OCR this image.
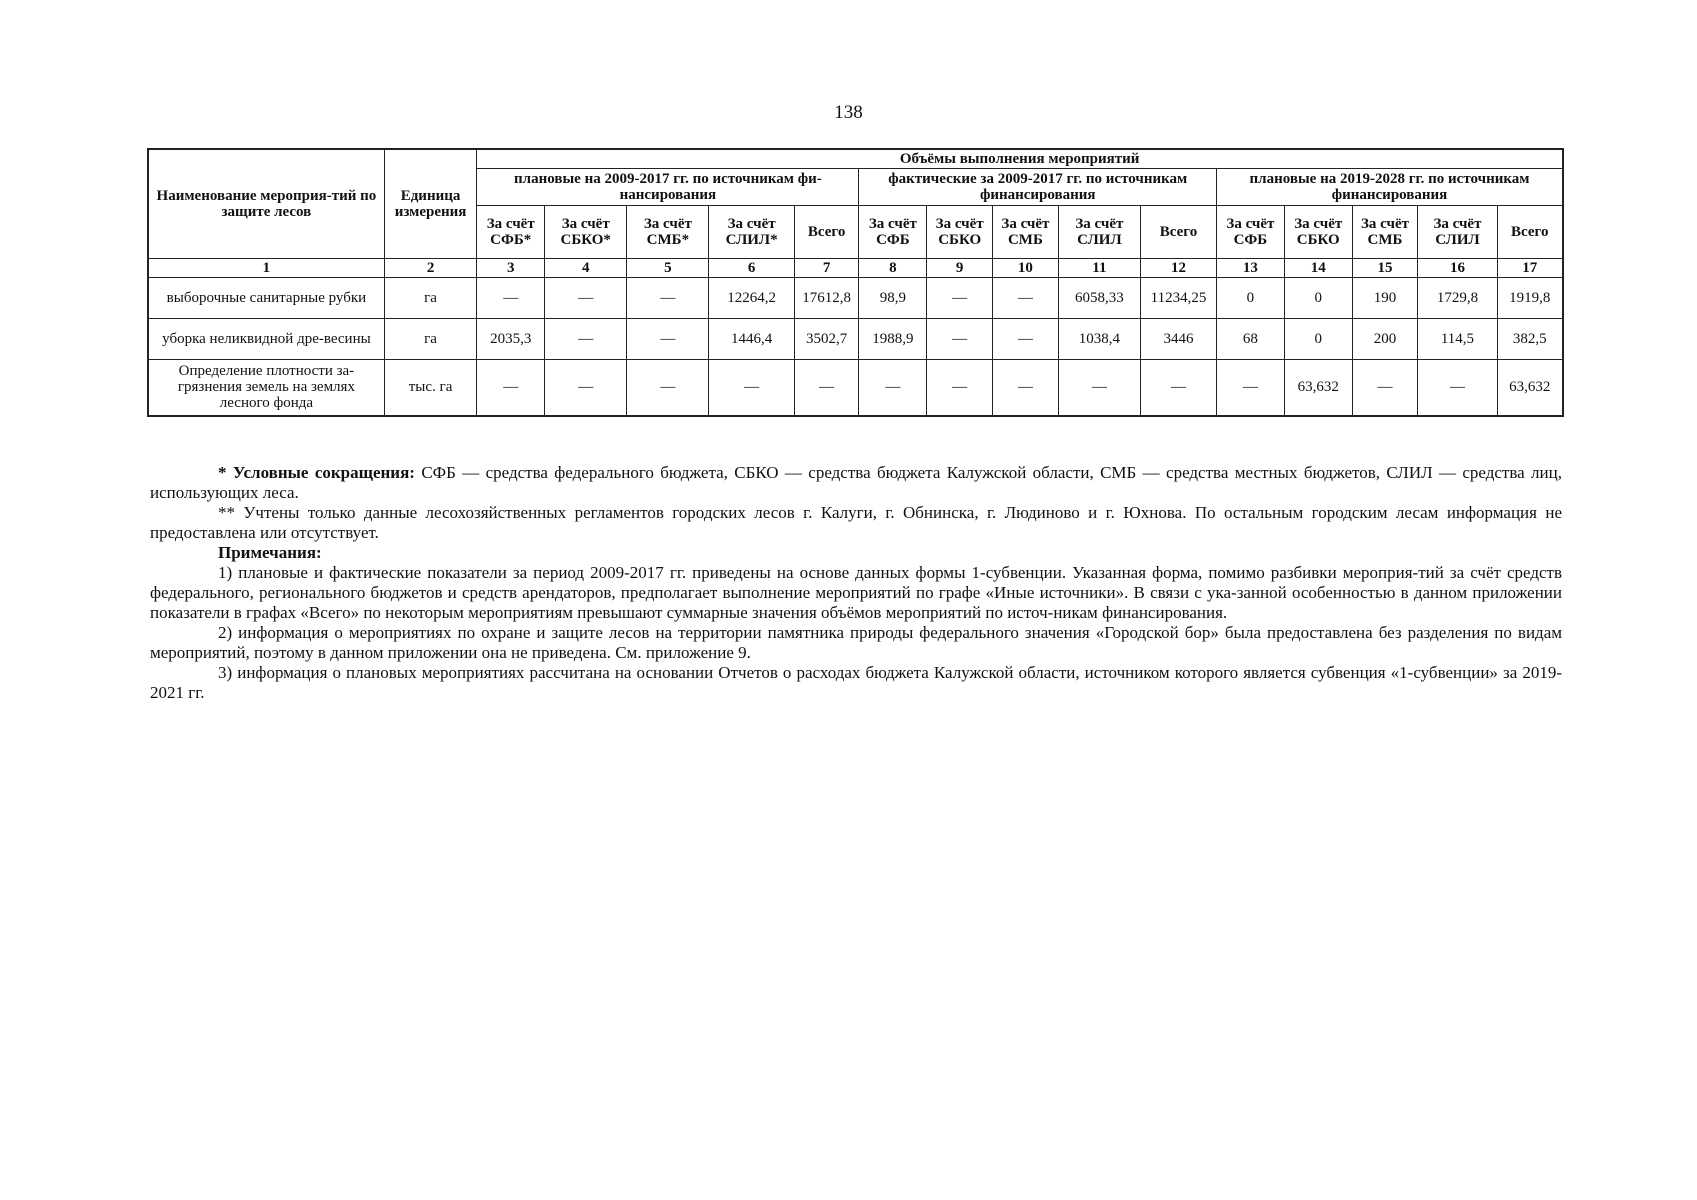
138
Наименование мероприя-тий по защите лесов	Единица измерения	Объёмы выполнения мероприятий														
		плановые на 2009-2017 гг. по источникам фи-нансирования					фактические за 2009-2017 гг. по источникам финансирования					плановые на 2019-2028 гг. по источникам финансирования				
		За счёт СФБ*	За счёт СБКО*	За счёт СМБ*	За счёт СЛИЛ*	Всего	За счёт СФБ	За счёт СБКО	За счёт СМБ	За счёт СЛИЛ	Всего	За счёт СФБ	За счёт СБКО	За счёт СМБ	За счёт СЛИЛ	Всего
1	2	3	4	5	6	7	8	9	10	11	12	13	14	15	16	17
выборочные санитарные рубки	га	—	—	—	12264,2	17612,8	98,9	—	—	6058,33	11234,25	0	0	190	1729,8	1919,8
уборка неликвидной дре-весины	га	2035,3	—	—	1446,4	3502,7	1988,9	—	—	1038,4	3446	68	0	200	114,5	382,5
Определение плотности за-грязнения земель на землях лесного фонда	тыс. га	—	—	—	—	—	—	—	—	—	—	—	63,632	—	—	63,632

* Условные сокращения: СФБ — средства федерального бюджета, СБКО — средства бюджета Калужской области, СМБ — средства местных бюджетов, СЛИЛ — средства лиц, использующих леса.

** Учтены только данные лесохозяйственных регламентов городских лесов г. Калуги, г. Обнинска, г. Людиново и г. Юхнова. По остальным городским лесам информация не предоставлена или отсутствует.

Примечания:

1) плановые и фактические показатели за период 2009-2017 гг. приведены на основе данных формы 1-субвенции. Указанная форма, помимо разбивки мероприя-тий за счёт средств федерального, регионального бюджетов и средств арендаторов, предполагает выполнение мероприятий по графе «Иные источники». В связи с ука-занной особенностью в данном приложении показатели в графах «Всего» по некоторым мероприятиям превышают суммарные значения объёмов мероприятий по источ-никам финансирования.

2) информация о мероприятиях по охране и защите лесов на территории памятника природы федерального значения «Городской бор» была предоставлена без разделения по видам мероприятий, поэтому в данном приложении она не приведена. См. приложение 9.

3) информация о плановых мероприятиях рассчитана на основании Отчетов о расходах бюджета Калужской области, источником которого является субвенция «1-субвенции» за 2019-2021 гг.
